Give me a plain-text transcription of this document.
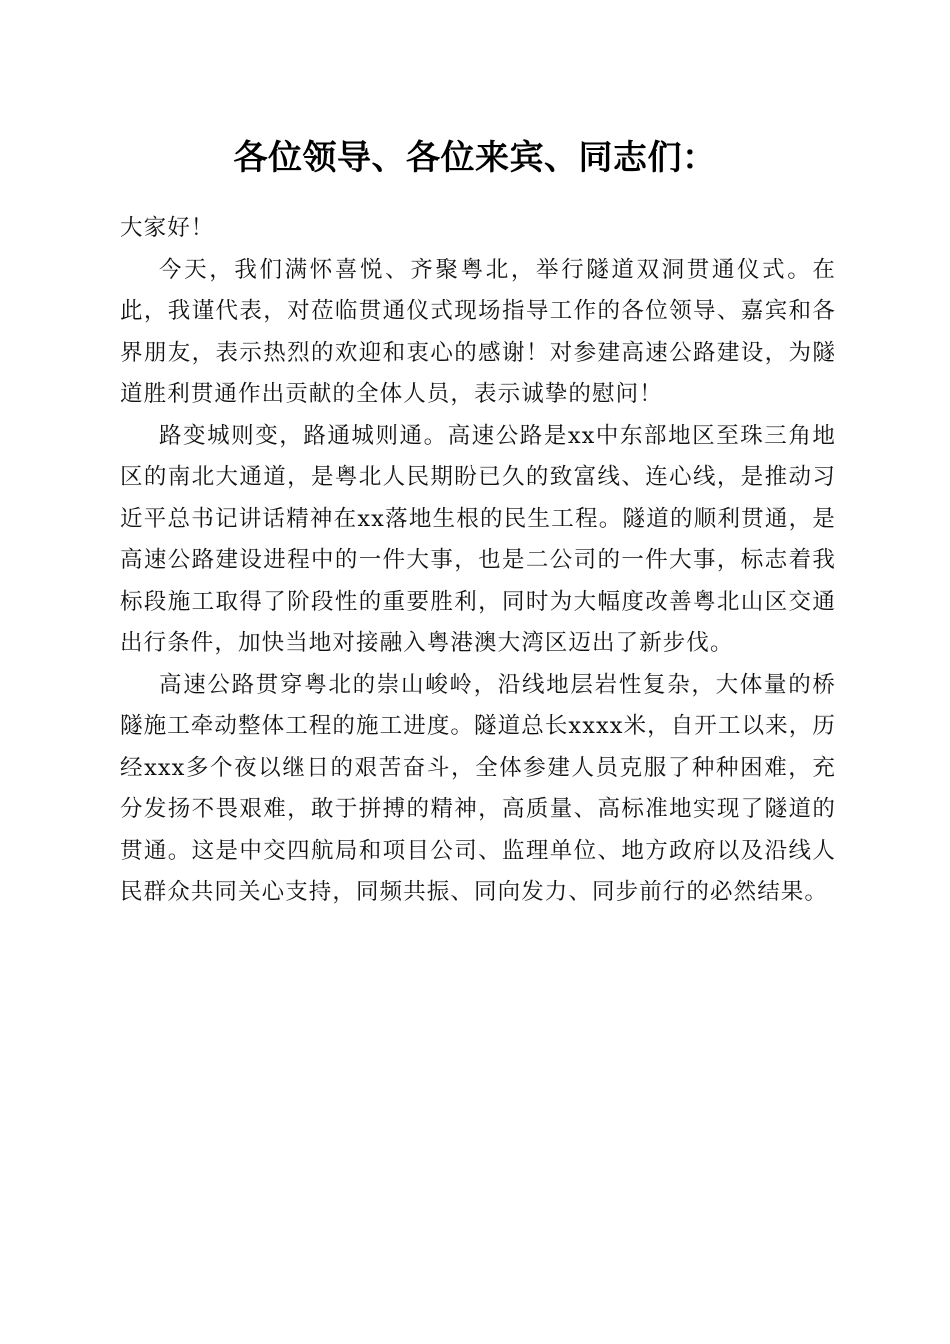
各位领导、各位来宾、同志们：

大家好！

今天，我们满怀喜悦、齐聚粤北，举行隧道双洞贯通仪式。在此，我谨代表，对莅临贯通仪式现场指导工作的各位领导、嘉宾和各界朋友，表示热烈的欢迎和衷心的感谢！对参建高速公路建设，为隧道胜利贯通作出贡献的全体人员，表示诚挚的慰问！

路变城则变，路通城则通。高速公路是xx中东部地区至珠三角地区的南北大通道，是粤北人民期盼已久的致富线、连心线，是推动习近平总书记讲话精神在xx落地生根的民生工程。隧道的顺利贯通，是高速公路建设进程中的一件大事，也是二公司的一件大事，标志着我标段施工取得了阶段性的重要胜利，同时为大幅度改善粤北山区交通出行条件，加快当地对接融入粤港澳大湾区迈出了新步伐。

高速公路贯穿粤北的崇山峻岭，沿线地层岩性复杂，大体量的桥隧施工牵动整体工程的施工进度。隧道总长xxxx米，自开工以来，历经xxx多个夜以继日的艰苦奋斗，全体参建人员克服了种种困难，充分发扬不畏艰难，敢于拼搏的精神，高质量、高标准地实现了隧道的贯通。这是中交四航局和项目公司、监理单位、地方政府以及沿线人民群众共同关心支持，同频共振、同向发力、同步前行的必然结果。
